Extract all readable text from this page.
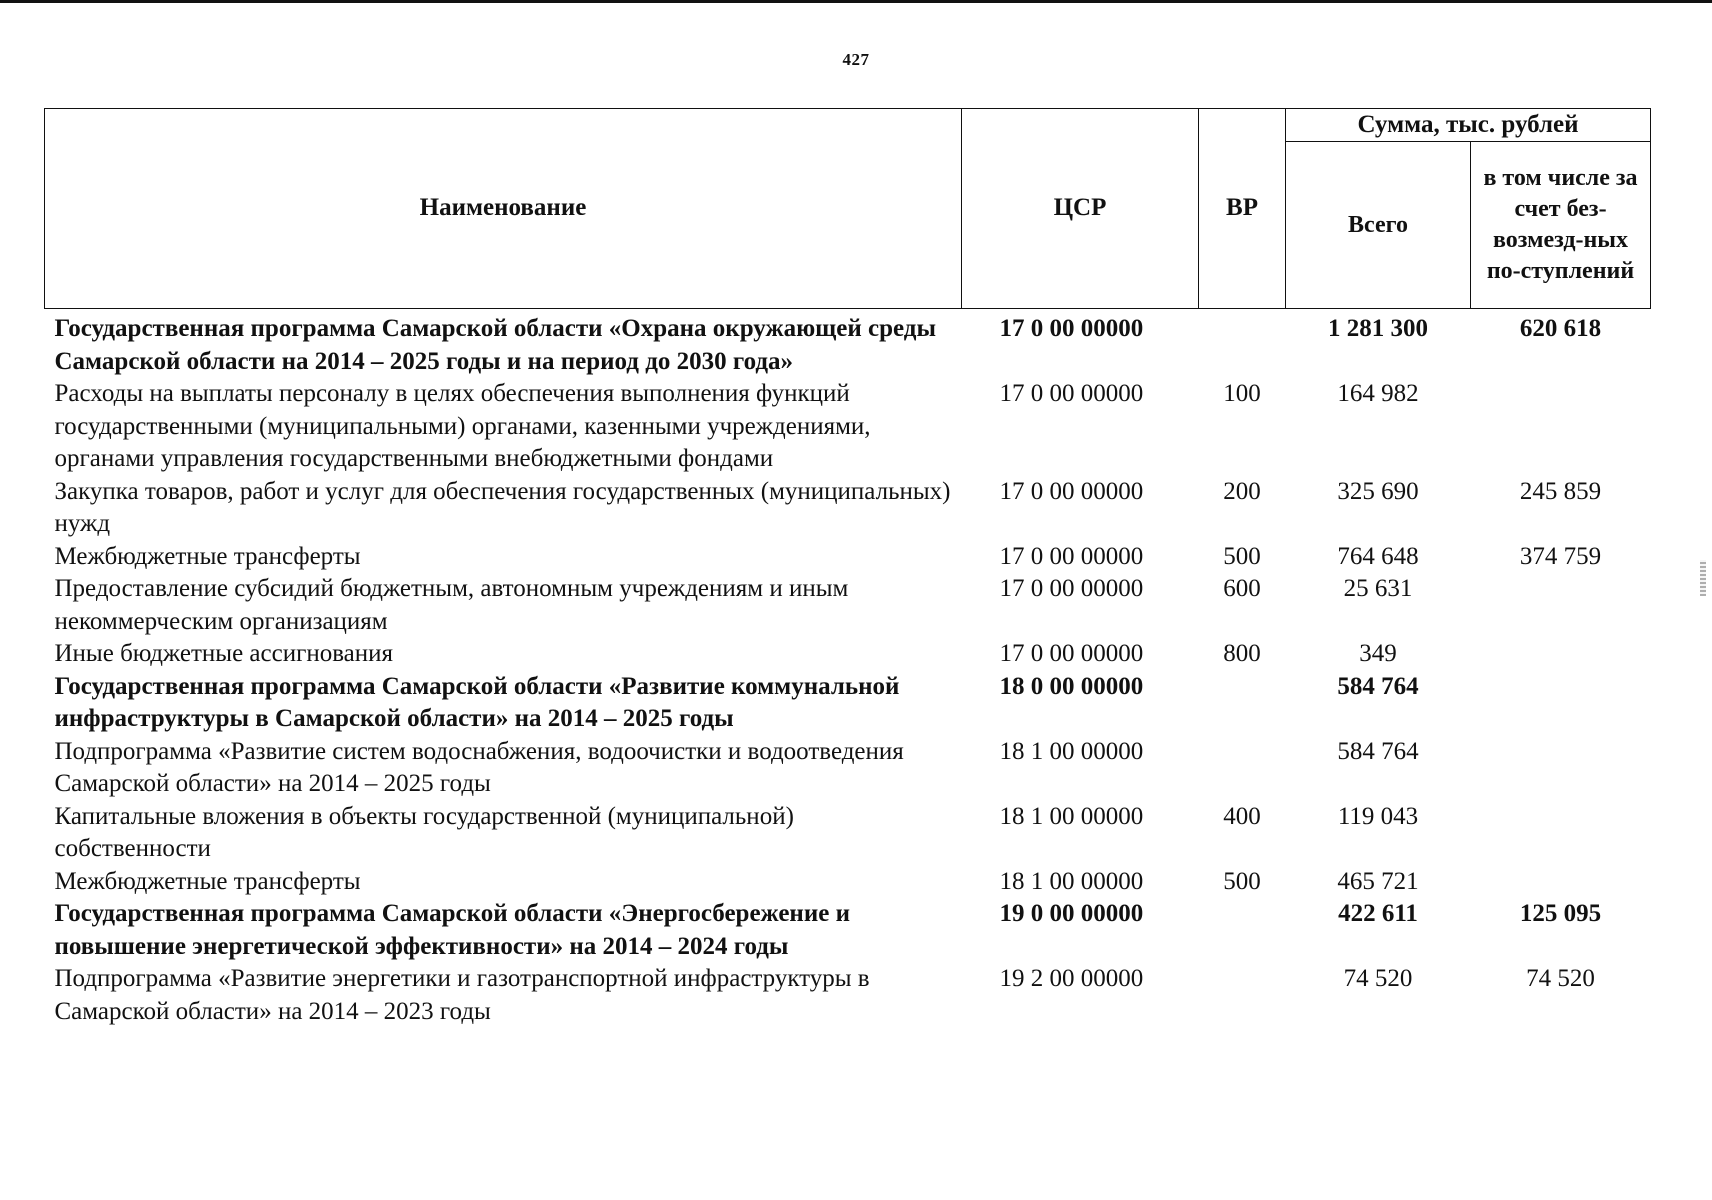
427
Наименование	ЦСР	ВР	Сумма, тыс. рублей	
			Всего	в том числе за счет без-возмезд-ных по-ступлений
Государственная программа Самарской области «Охрана окружающей среды Самарской области на 2014 – 2025 годы и на период до 2030 года»	17 0 00 00000		1 281 300	620 618
Расходы на выплаты персоналу в целях обеспечения выполнения функций государственными (муниципальными) органами, казенными учреждениями, органами управления государственными внебюджетными фондами	17 0 00 00000	100	164 982	
Закупка товаров, работ и услуг для обеспечения государственных (муниципальных) нужд	17 0 00 00000	200	325 690	245 859
Межбюджетные трансферты	17 0 00 00000	500	764 648	374 759
Предоставление субсидий бюджетным, автономным учреждениям и иным некоммерческим организациям	17 0 00 00000	600	25 631	
Иные бюджетные ассигнования	17 0 00 00000	800	349	
Государственная программа Самарской области «Развитие коммунальной инфраструктуры в Самарской области» на 2014 – 2025 годы	18 0 00 00000		584 764	
Подпрограмма «Развитие систем водоснабжения, водоочистки и водоотведения Самарской области» на 2014 – 2025 годы	18 1 00 00000		584 764	
Капитальные вложения в объекты государственной (муниципальной) собственности	18 1 00 00000	400	119 043	
Межбюджетные трансферты	18 1 00 00000	500	465 721	
Государственная программа Самарской области «Энергосбережение и повышение энергетической эффективности» на 2014 – 2024 годы	19 0 00 00000		422 611	125 095
Подпрограмма «Развитие энергетики и газотранспортной инфраструктуры в Самарской области» на 2014 – 2023 годы	19 2 00 00000		74 520	74 520
